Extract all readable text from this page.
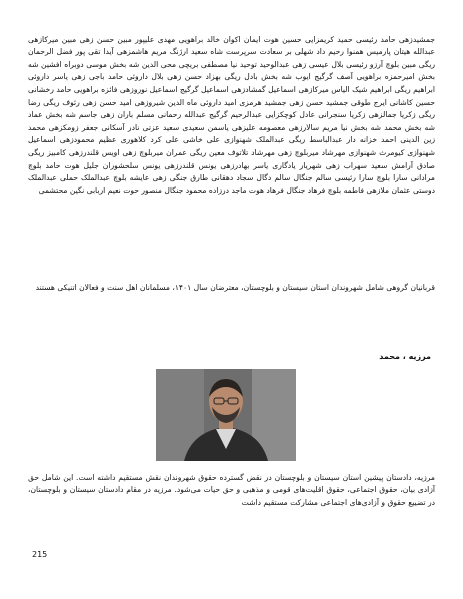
جمشیدزهی حامد رئیسی حمید کریمزایی حسین هوت ایمان اکوان خالد براهویی مهدی علیپور مبین حسن زهی مبین میرکازهی عبدالله هیتان پارمیس همنوا رحیم داد شهلی بر سعادت سرپرست شاه سعید ارژنگ مریم هاشمزهی آیدا تقی پور فضل الرحمان ریگی مبین بلوچ آرزو رئیسی بلال عیسی زهی عبدالوحید توحید نیا مصطفی بریچی محی الدین شه بخش موسی دوبراه افشین شه بخش امیرحمزه براهویی آصف گرگیج ایوب شه بخش بادل ریگی بهزاد حسن زهی بلال داروئی حامد باجی زهی یاسر داروئی ابراهیم ریگی ابراهیم شیک الیاس میرکازهی اسماعیل گمشادزهی اسماعیل گرگیج اسماعیل نوروزهی فائزه براهویی حامد رخشانی حسین کاشانی ایرج طوقی جمشید حسن زهی جمشید هرمزی امید داروئی ماه الدین شیروزهی امید حسن زهی رئوف ریگی رضا ریگی زکریا جمالزهی زکریا سنجرانی عادل کوچکزایی عبدالرحیم گرگیج عبدالله رحمانی مسلم باران زهی جاسم شه بخش عماد شه بخش محمد شه بخش نیا مریم سالارزهی معصومه علیزهی یاسمن سعیدی سعید عزتی نادر آسکانی جعفر زومکزهی محمد زین الدینی احمد خزانه دار عبدالباسط ریگی عبدالملک شهنوازی علی خاشی علی کرد کلاهوری عظیم محمودزهی اسماعیل شهنوازی کیومرث شهنوازی مهرشاد میربلوچ زهی مهرشاد تلاتوف معین ریگی عمران میربلوچ زهی اویس قلندرزهی کامبیز ریگی صادق آرامش سعید سهراب زهی شهریار یادگاری یاسر بهادرزهی یونس قلندرزهی یونس سلحشوران جلیل هوت حامد بلوچ مرادانی سارا بلوچ سارا رئیسی سالم جنگال سالم دگال سجاد دهقانی طارق جنگی زهی عایشه بلوچ عبدالملک حملی عبدالملک دوستی عثمان ملازهی فاطمه بلوچ فرهاد جنگال فرهاد هوت ماجد درزاده محمود جنگال منصور حوت نعیم اربابی نگین محتشمی

قربانیان گروهی شامل شهروندان استان سیستان و بلوچستان، معترضان سال ۱۴۰۱، مسلمانان اهل سنت و فعالان اتنیکی هستند

مرزیه ، محمد

مرزیه، دادستان پیشین استان سیستان و بلوچستان در نقض گسترده حقوق شهروندان نقش مستقیم داشته است. این شامل حق آزادی بیان، حقوق اجتماعی، حقوق اقلیت‌های قومی و مذهبی و حق حیات می‌شود. مرزیه در مقام دادستان سیستان و بلوچستان، در تضییع حقوق و آزادی‌های اجتماعی مشارکت مستقیم داشت

215
